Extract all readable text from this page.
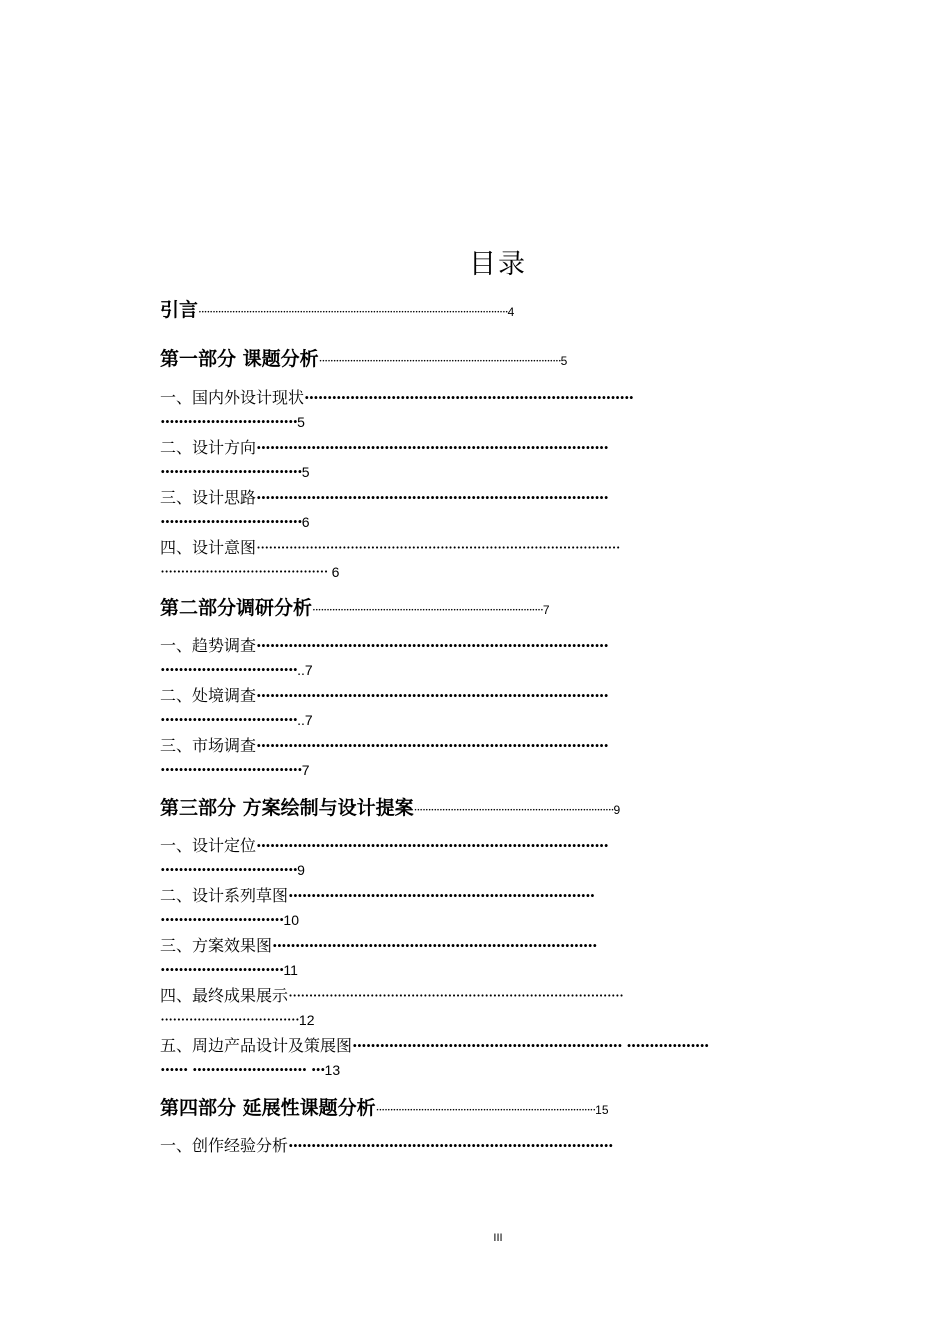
目录
引言··············································································································4
第一部分 课题分析······················································································5
一、国内外设计现状········································································
······························5
二、设计方向·············································································
·······························5
三、设计思路·············································································
·······························6
四、设计意图·························································································
········································· 6
第二部分调研分析··················································································7
一、趋势调查·············································································
······························..7
二、处境调查·············································································
······························..7
三、市场调查·············································································
·······························7
第三部分 方案绘制与设计提案·······································································9
一、设计定位·············································································
······························9
二、设计系列草图···································································
···························10
三、方案效果图·······································································
···························11
四、最终成果展示··················································································
··································12
五、周边产品设计及策展图··························································· ··················
······ ························· ···13
第四部分 延展性课题分析··············································································15
一、创作经验分析·······································································
III
